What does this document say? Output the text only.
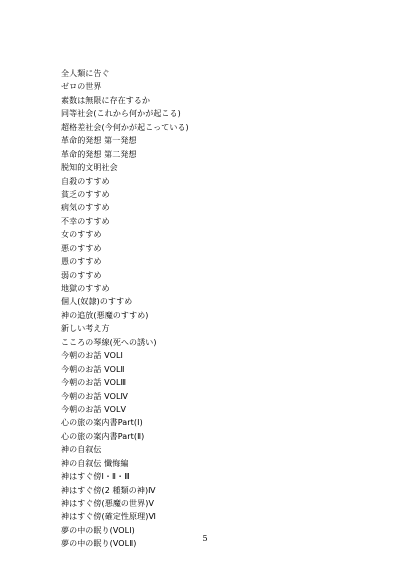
全人類に告ぐ
ゼロの世界
素数は無限に存在するか
同等社会(これから何かが起こる)
超格差社会(今何かが起こっている)
革命的発想 第一発想
革命的発想 第二発想
脱知的文明社会
自殺のすすめ
貧乏のすすめ
病気のすすめ
不幸のすすめ
女のすすめ
悪のすすめ
愚のすすめ
弱のすすめ
地獄のすすめ
個人(奴隷)のすすめ
神の追放(悪魔のすすめ)
新しい考え方
こころの琴線(死への誘い)
今朝のお話 VOLⅠ
今朝のお話 VOLⅡ
今朝のお話 VOLⅢ
今朝のお話 VOLⅣ
今朝のお話 VOLⅤ
心の旅の案内書Part(Ⅰ)
心の旅の案内書Part(Ⅱ)
神の自叙伝
神の自叙伝 懺悔編
神はすぐ傍Ⅰ・Ⅱ・Ⅲ
神はすぐ傍(2 種類の神)Ⅳ
神はすぐ傍(悪魔の世界)Ⅴ
神はすぐ傍(確定性原理)Ⅵ
夢の中の眠り(VOLⅠ)
夢の中の眠り(VOLⅡ)
5
